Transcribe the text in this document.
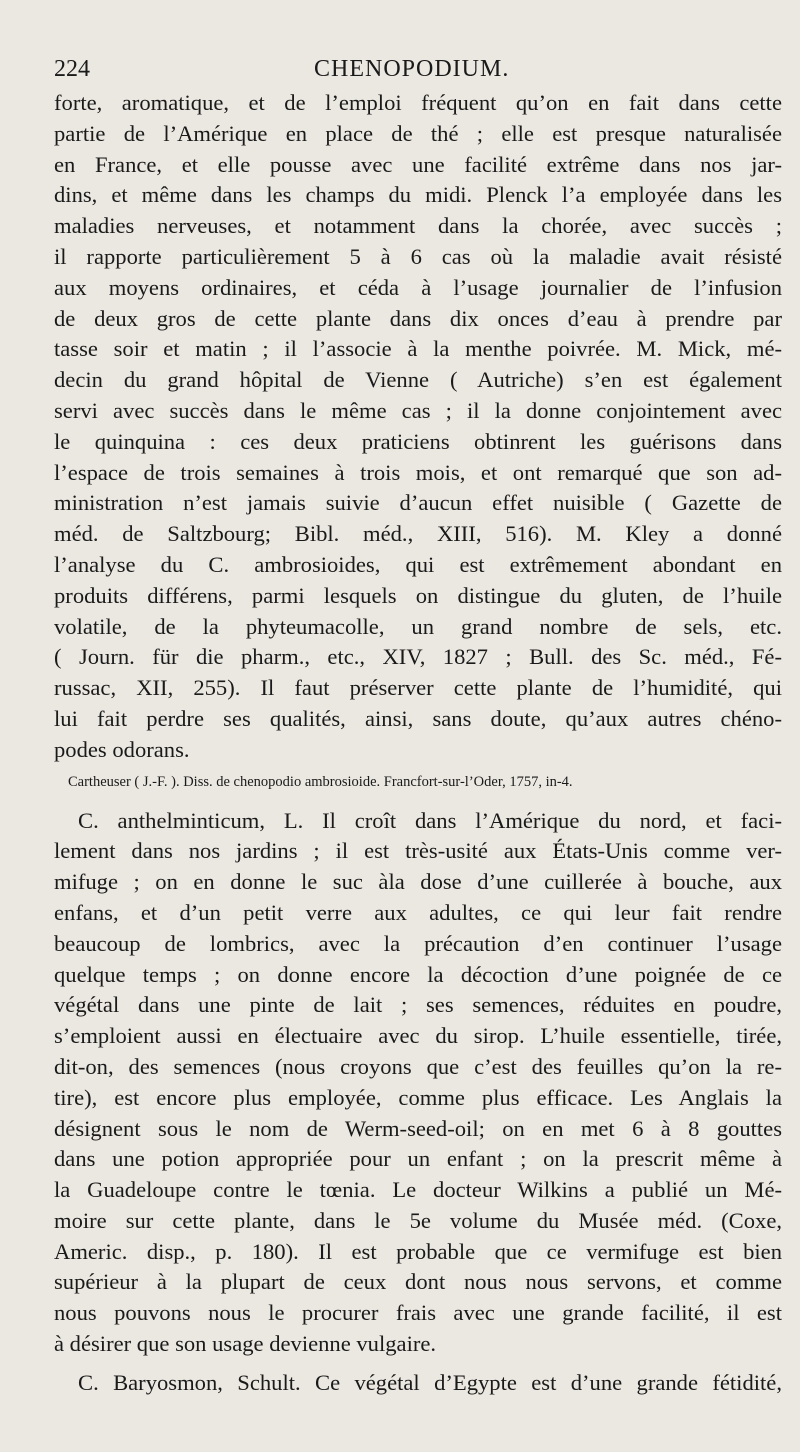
224	CHENOPODIUM.
forte, aromatique, et de l’emploi fréquent qu’on en fait dans cette
partie de l’Amérique en place de thé ; elle est presque naturalisée
en France, et elle pousse avec une facilité extrême dans nos jar-
dins, et même dans les champs du midi. Plenck l’a employée dans les
maladies nerveuses, et notamment dans la chorée, avec succès ;
il rapporte particulièrement 5 à 6 cas où la maladie avait résisté
aux moyens ordinaires, et céda à l’usage journalier de l’infusion
de deux gros de cette plante dans dix onces d’eau à prendre par
tasse soir et matin ; il l’associe à la menthe poivrée. M. Mick, mé-
decin du grand hôpital de Vienne ( Autriche) s’en est également
servi avec succès dans le même cas ; il la donne conjointement avec
le quinquina : ces deux praticiens obtinrent les guérisons dans
l’espace de trois semaines à trois mois, et ont remarqué que son ad-
ministration n’est jamais suivie d’aucun effet nuisible ( Gazette de
méd. de Saltzbourg; Bibl. méd., XIII, 516). M. Kley a donné
l’analyse du C. ambrosioides, qui est extrêmement abondant en
produits différens, parmi lesquels on distingue du gluten, de l’huile
volatile, de la phyteumacolle, un grand nombre de sels, etc.
( Journ. für die pharm., etc., XIV, 1827 ; Bull. des Sc. méd., Fé-
russac, XII, 255). Il faut préserver cette plante de l’humidité, qui
lui fait perdre ses qualités, ainsi, sans doute, qu’aux autres chéno-
podes odorans.
Cartheuser ( J.-F. ). Diss. de chenopodio ambrosioide. Francfort-sur-l’Oder, 1757, in-4.
C. anthelminticum, L. Il croît dans l’Amérique du nord, et faci-
lement dans nos jardins ; il est très-usité aux États-Unis comme ver-
mifuge ; on en donne le suc àla dose d’une cuillerée à bouche, aux
enfans, et d’un petit verre aux adultes, ce qui leur fait rendre
beaucoup de lombrics, avec la précaution d’en continuer l’usage
quelque temps ; on donne encore la décoction d’une poignée de ce
végétal dans une pinte de lait ; ses semences, réduites en poudre,
s’emploient aussi en électuaire avec du sirop. L’huile essentielle, tirée,
dit-on, des semences (nous croyons que c’est des feuilles qu’on la re-
tire), est encore plus employée, comme plus efficace. Les Anglais la
désignent sous le nom de Werm-seed-oil; on en met 6 à 8 gouttes
dans une potion appropriée pour un enfant ; on la prescrit même à
la Guadeloupe contre le tœnia. Le docteur Wilkins a publié un Mé-
moire sur cette plante, dans le 5e volume du Musée méd. (Coxe,
Americ. disp., p. 180). Il est probable que ce vermifuge est bien
supérieur à la plupart de ceux dont nous nous servons, et comme
nous pouvons nous le procurer frais avec une grande facilité, il est
à désirer que son usage devienne vulgaire.
C. Baryosmon, Schult. Ce végétal d’Egypte est d’une grande fétidité,
